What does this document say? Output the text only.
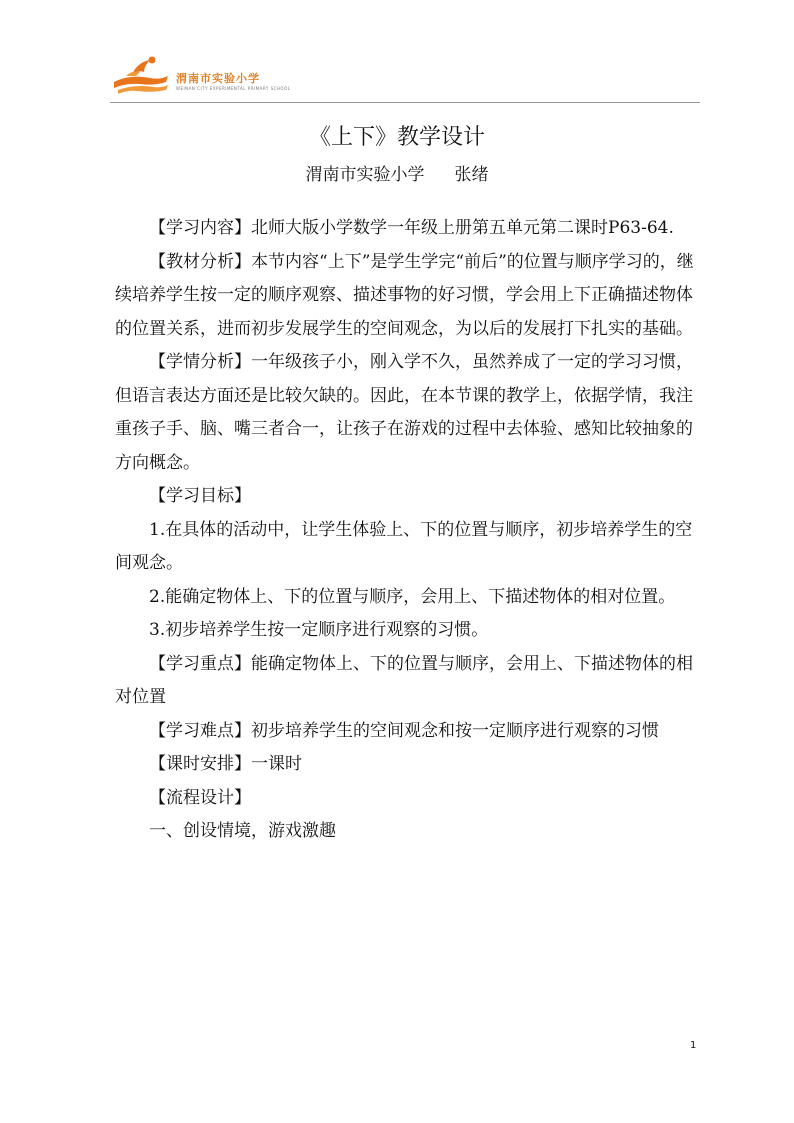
渭南市实验小学
WEINAN CITY EXPERIMENTAL PRIMARY SCHOOL
《上下》教学设计
渭南市实验小学 张绪

【学习内容】北师大版小学数学一年级上册第五单元第二课时P63-64.

【教材分析】本节内容“上下”是学生学完“前后”的位置与顺序学习的，继续培养学生按一定的顺序观察、描述事物的好习惯，学会用上下正确描述物体的位置关系，进而初步发展学生的空间观念，为以后的发展打下扎实的基础。

【学情分析】一年级孩子小，刚入学不久，虽然养成了一定的学习习惯，但语言表达方面还是比较欠缺的。因此，在本节课的教学上，依据学情，我注重孩子手、脑、嘴三者合一，让孩子在游戏的过程中去体验、感知比较抽象的方向概念。

【学习目标】

1.在具体的活动中，让学生体验上、下的位置与顺序，初步培养学生的空间观念。

2.能确定物体上、下的位置与顺序，会用上、下描述物体的相对位置。

3.初步培养学生按一定顺序进行观察的习惯。

【学习重点】能确定物体上、下的位置与顺序，会用上、下描述物体的相对位置

【学习难点】初步培养学生的空间观念和按一定顺序进行观察的习惯

【课时安排】一课时

【流程设计】

一、创设情境，游戏激趣

1
